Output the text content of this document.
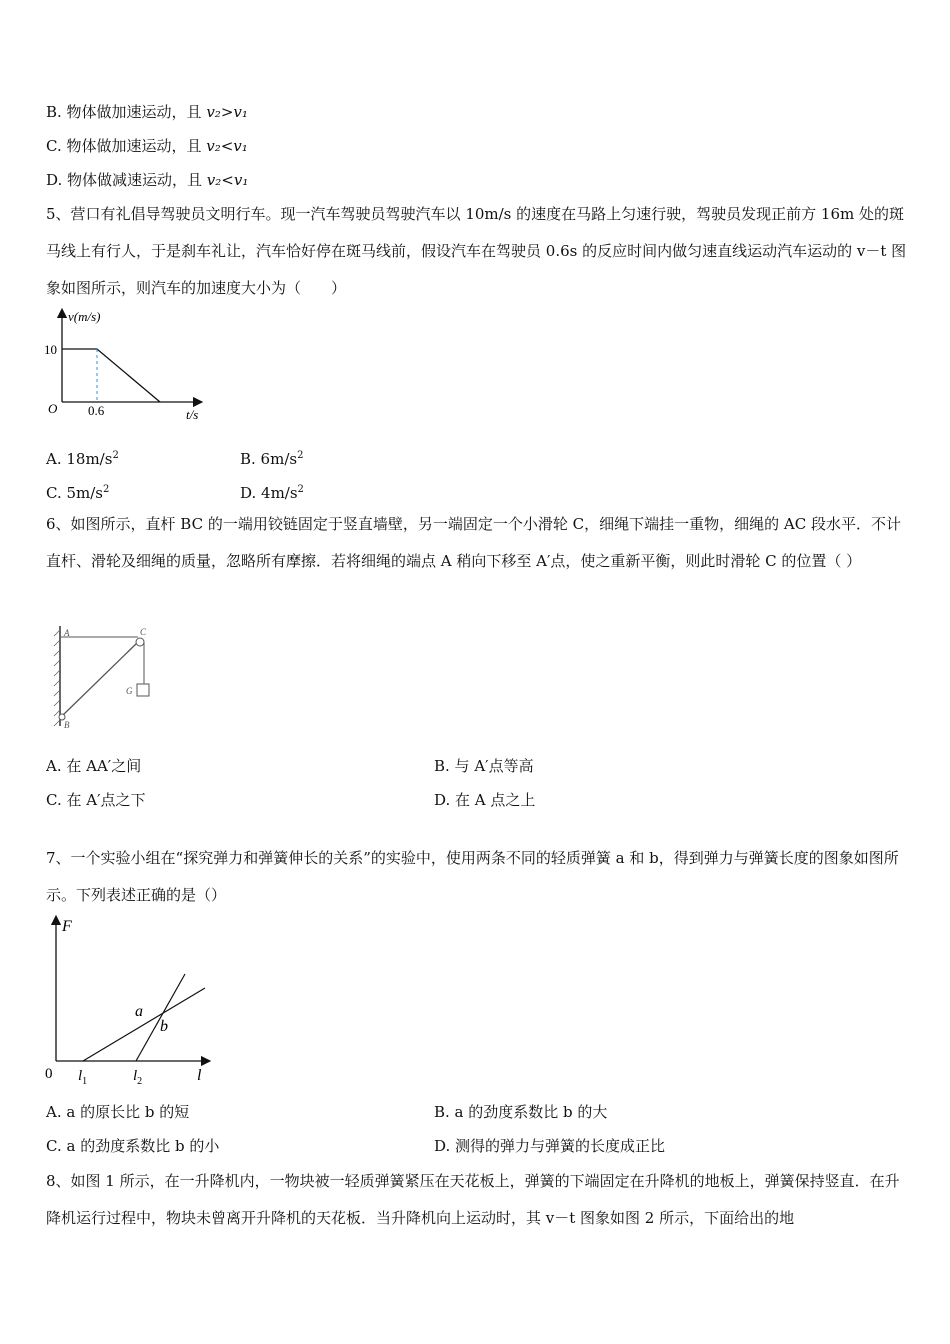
B. 物体做加速运动，且 v₂>v₁
C. 物体做加速运动，且 v₂<v₁
D. 物体做减速运动，且 v₂<v₁
5、营口有礼倡导驾驶员文明行车。现一汽车驾驶员驾驶汽车以 10m/s 的速度在马路上匀速行驶，驾驶员发现正前方 16m 处的斑马线上有行人，于是刹车礼让，汽车恰好停在斑马线前，假设汽车在驾驶员 0.6s 的反应时间内做匀速直线运动汽车运动的 v－t 图象如图所示，则汽车的加速度大小为（　　）
v(m/s)
10
O 0.6	t/s
A. $18m/s^2$	B. $6m/s^2$
C. $5m/s^2$	D. $4m/s^2$
6、如图所示，直杆 BC 的一端用铰链固定于竖直墙壁，另一端固定一个小滑轮 C，细绳下端挂一重物，细绳的 AC 段水平．不计直杆、滑轮及细绳的质量，忽略所有摩擦．若将细绳的端点 A 稍向下移至 A′点，使之重新平衡，则此时滑轮 C 的位置（ ）
A	C
G
B
A. 在 AA′之间	B. 与 A′点等高
C. 在 A′点之下	D. 在 A 点之上
7、一个实验小组在“探究弹力和弹簧伸长的关系”的实验中，使用两条不同的轻质弹簧 a 和 b，得到弹力与弹簧长度的图象如图所示。下列表述正确的是（）
F
0
a
b
$l_1$	$l_2$	l
A. a 的原长比 b 的短	B. a 的劲度系数比 b 的大
C. a 的劲度系数比 b 的小	D. 测得的弹力与弹簧的长度成正比
8、如图 1 所示，在一升降机内，一物块被一轻质弹簧紧压在天花板上，弹簧的下端固定在升降机的地板上，弹簧保持竖直．在升降机运行过程中，物块未曾离开升降机的天花板．当升降机向上运动时，其 v－t 图象如图 2 所示，下面给出的地
